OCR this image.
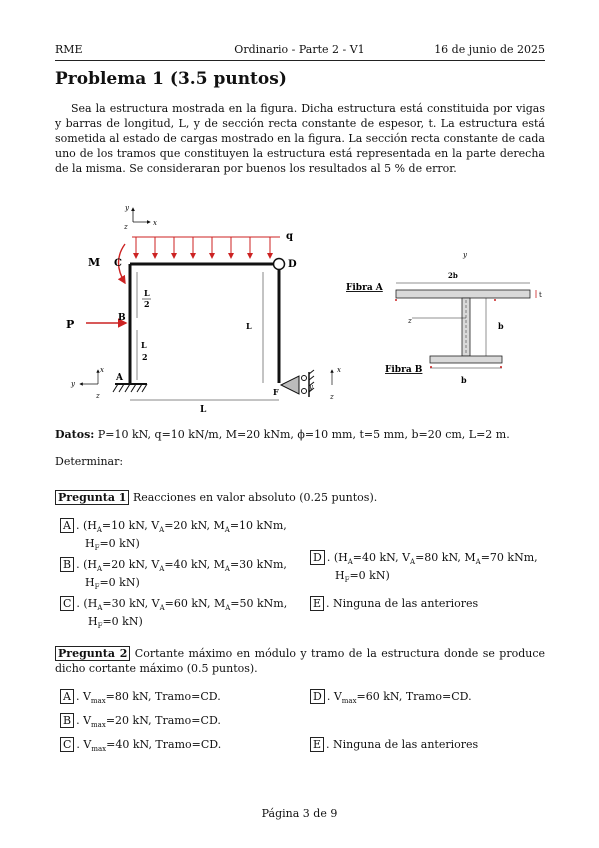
RME	Ordinario - Parte 2 - V1	16 de junio de 2025
Problema 1 (3.5 puntos)
Sea la estructura mostrada en la figura. Dicha estructura está constituida por vigas y barras de longitud, L, y de sección recta constante de espesor, t. La estructura está sometida al estado de cargas mostrado en la figura. La sección recta constante de cada uno de los tramos que constituyen la estructura está representada en la parte derecha de la misma. Se consideraran por buenos los resultados al 5 % de error.
y
x
z
q
M C	D
L
2
P	B
L
2
L
A
x
y
z	F	y
x
z
L
y
2b
Fibra A
t
z	b
Fibra B
b
Datos: P=10 kN, q=10 kN/m, M=20 kNm, ϕ=10 mm, t=5 mm, b=20 cm, L=2 m.
Determinar:
Pregunta 1 Reacciones en valor absoluto (0.25 puntos).
A . ($H_A=10$ kN, $V_A=20$ kN, $M_A=10$ kNm,
$H_F=0$ kN)
B . ($H_A=20$ kN, $V_A=40$ kN, $M_A=30$ kNm,
$H_F=0$ kN)
C . ($H_A=30$ kN, $V_A=60$ kN, $M_A=50$ kNm,
$H_F=0$ kN)
D . ($H_A=40$ kN, $V_A=80$ kN, $M_A=70$ kNm,
$H_F=0$ kN)
E . Ninguna de las anteriores
Pregunta 2 Cortante máximo en módulo y tramo de la estructura donde se produce dicho cortante máximo (0.5 puntos).
A . $V_{max}=80$ kN, Tramo=CD.
B . $V_{max}=20$ kN, Tramo=CD.
C . $V_{max}=40$ kN, Tramo=CD.
D . $V_{max}=60$ kN, Tramo=CD.
E . Ninguna de las anteriores
Página 3 de 9
